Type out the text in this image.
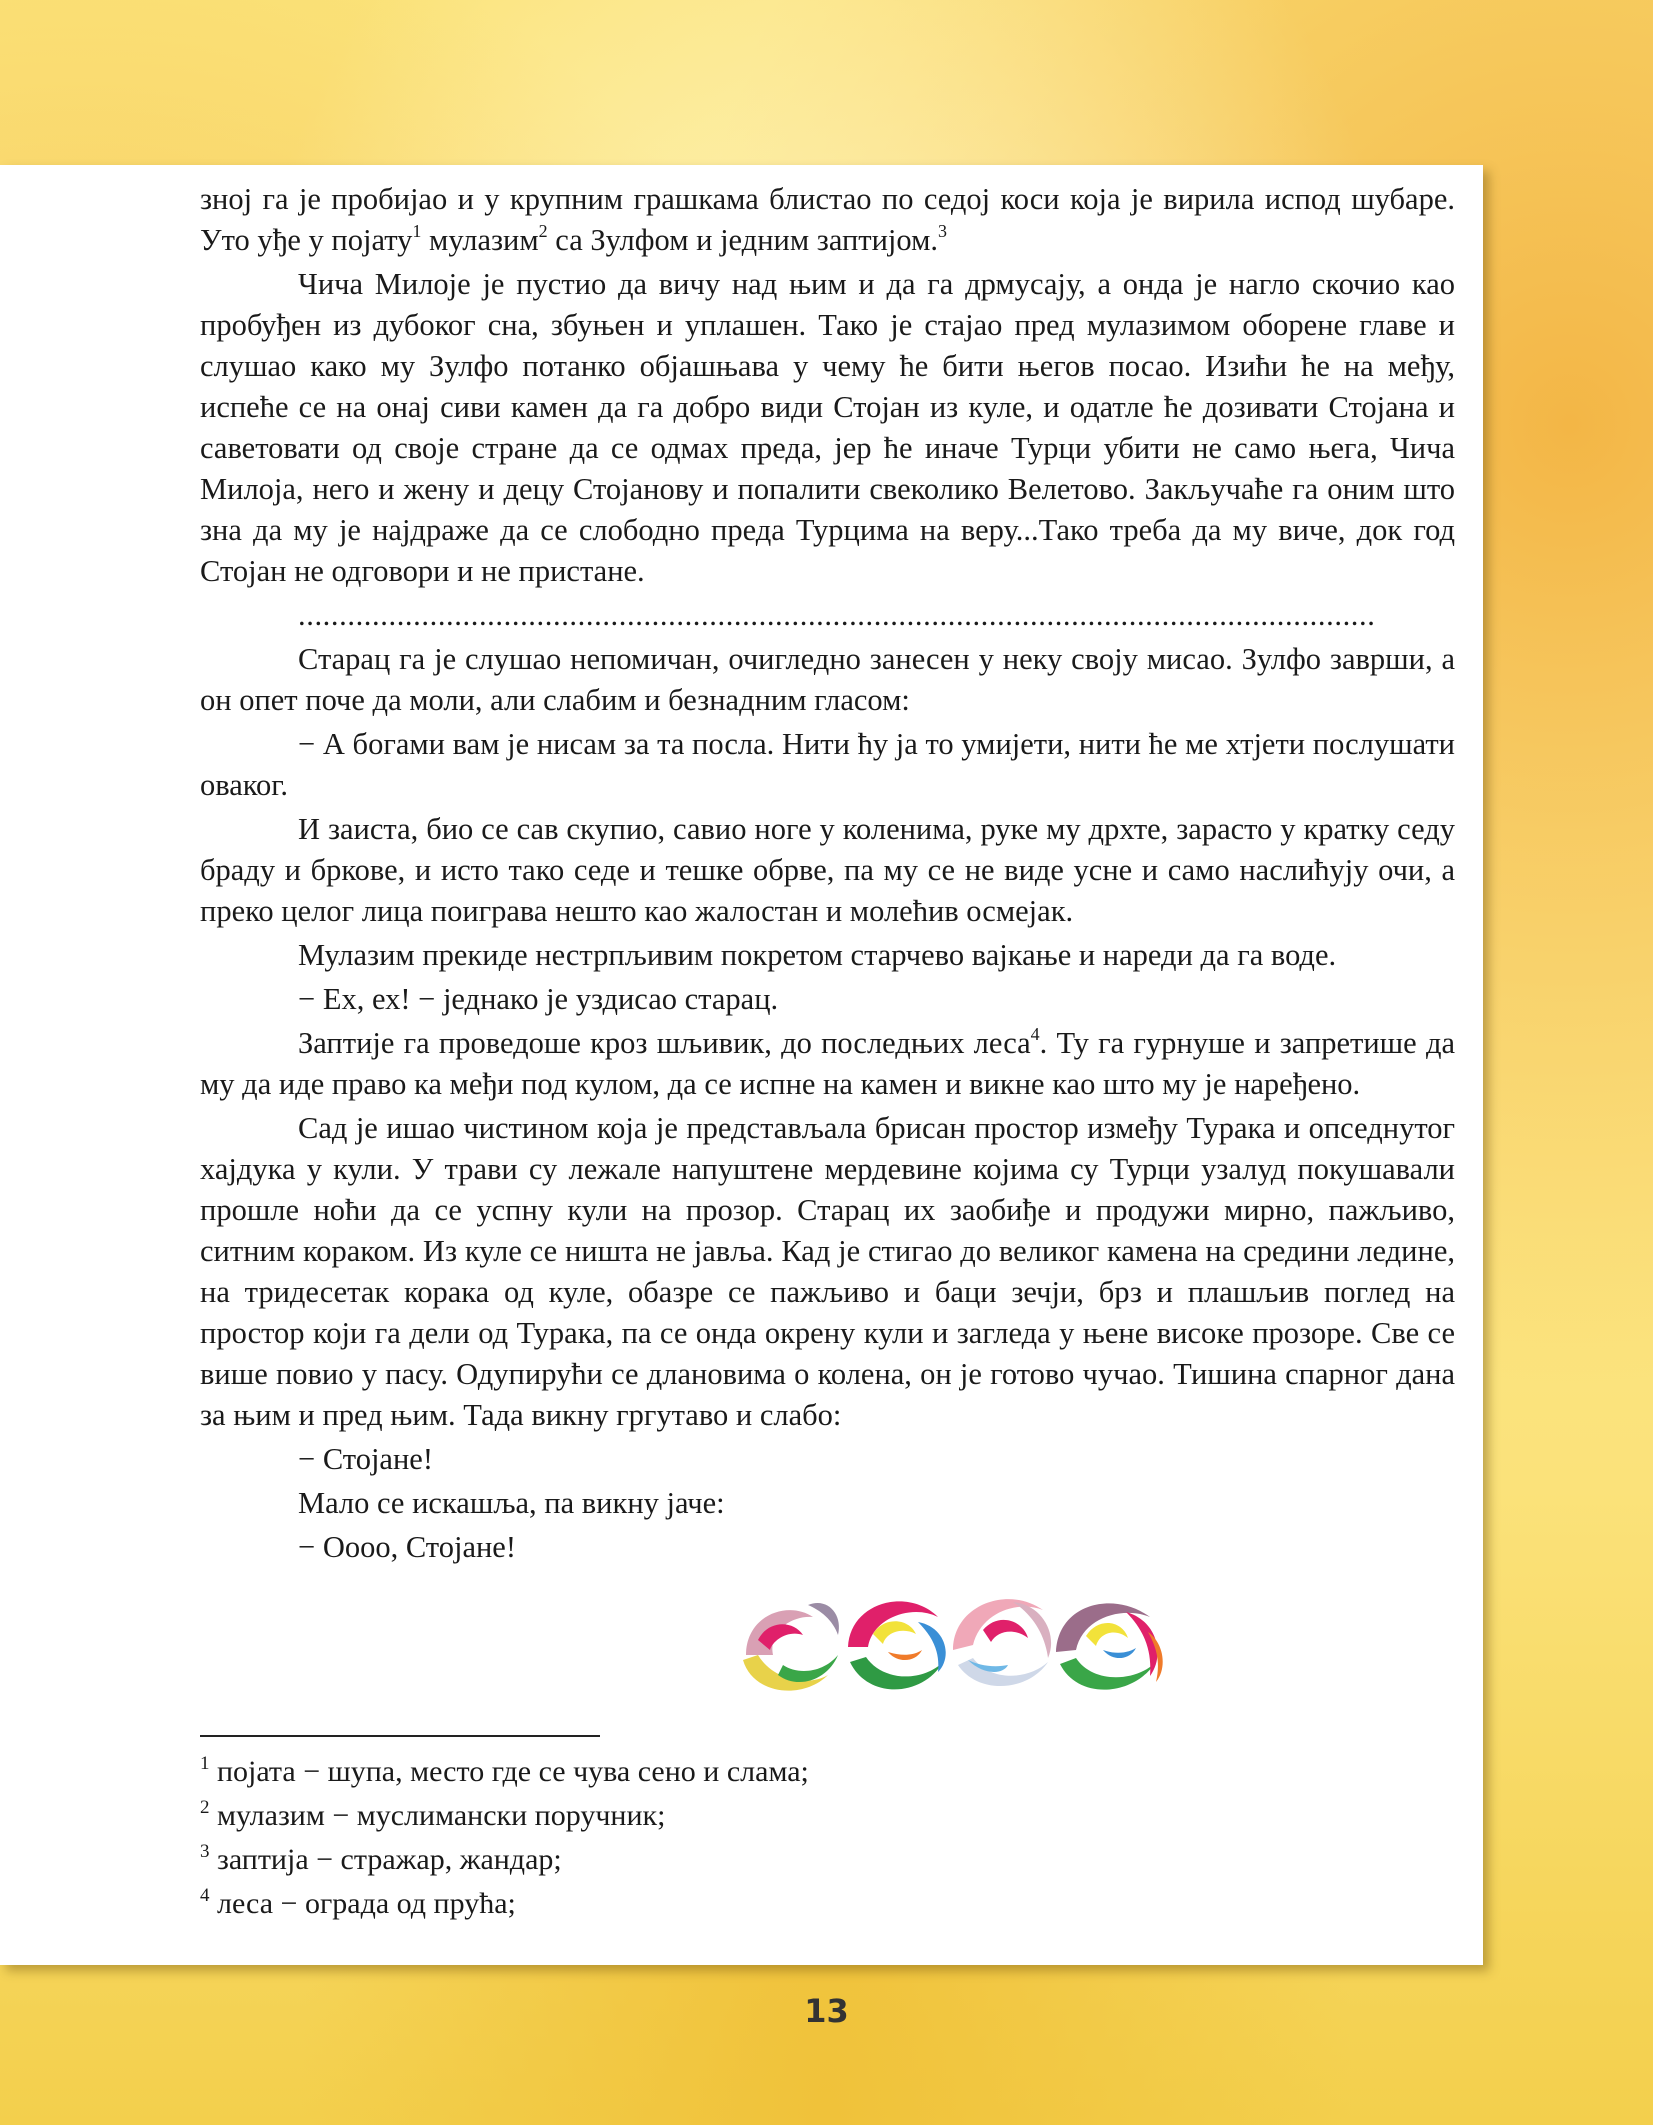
зној га је пробијао и у крупним грашкама блистао по седој коси која је вирила испод шубаре. Уто уђе у појату$^1$ мулазим$^2$ са Зулфом и једним заптијом.$^3$

Чича Милоје је пустио да вичу над њим и да га дрмусају, а онда је нагло скочио као пробуђен из дубоког сна, збуњен и уплашен. Тако је стајао пред мулазимом оборене главе и слушао како му Зулфо потанко објашњава у чему ће бити његов посао. Изићи ће на међу, испеће се на онај сиви камен да га добро види Стојан из куле, и одатле ће дозивати Стојана и саветовати од своје стране да се одмах преда, јер ће иначе Турци убити не само њега, Чича Милоја, него и жену и децу Стојанову и попалити свеколико Велетово. Закључаће га оним што зна да му је најдраже да се слободно преда Турцима на веру...Тако треба да му виче, док год Стојан не одговори и не пристане.

...................................................................................................................................

Старац га је слушао непомичан, очигледно занесен у неку своју мисао. Зулфо заврши, а он опет поче да моли, али слабим и безнадним гласом:

− А богами вам је нисам за та посла. Нити ћу ја то умијети, нити ће ме хтјети послушати оваког.

И заиста, био се сав скупио, савио ноге у коленима, руке му дрхте, зарасто у кратку седу браду и бркове, и исто тако седе и тешке обрве, па му се не виде усне и само наслићују очи, а преко целог лица поиграва нешто као жалостан и молећив осмејак.

Мулазим прекиде нестрпљивим покретом старчево вајкање и нареди да га воде.

− Ех, ех! − једнако је уздисао старац.

Заптије га проведоше кроз шљивик, до последњих леса$^4$. Ту га гурнуше и запретише да му да иде право ка међи под кулом, да се испне на камен и викне као што му је наређено.

Сад је ишао чистином која је представљала брисан простор између Турака и опседнутог хајдука у кули. У трави су лежале напуштене мердевине којима су Турци узалуд покушавали прошле ноћи да се успну кули на прозор. Старац их заобиђе и продужи мирно, пажљиво, ситним кораком. Из куле се ништа не јавља. Кад је стигао до великог камена на средини ледине, на тридесетак корака од куле, обазре се пажљиво и баци зечји, брз и плашљив поглед на простор који га дели од Турака, па се онда окрену кули и загледа у њене високе прозоре. Све се више повио у пасу. Одупирући се длановима о колена, он је готово чучао. Тишина спарног дана за њим и пред њим. Тада викну гргутаво и слабо:

− Стојане!

Мало се искашља, па викну јаче:

− Оооо, Стојане!

$^1$ појата − шупа, место где се чува сено и слама;
$^2$ мулазим − муслимански поручник;
$^3$ заптија − стражар, жандар;
$^4$ леса − ограда од прућа;
13
